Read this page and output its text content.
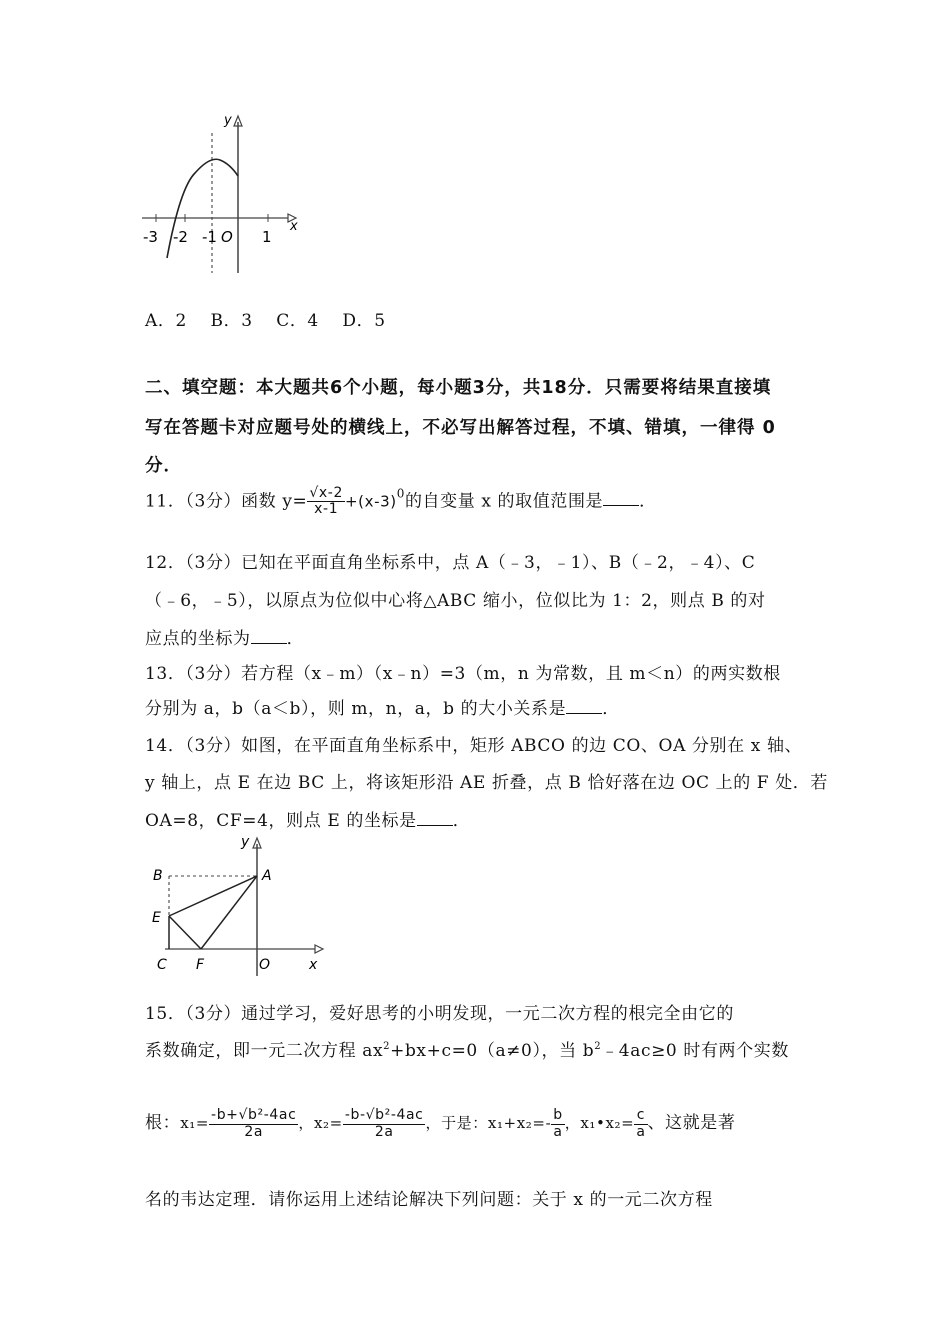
y
x
-3 -2 -1 O 1
A．2　 B．3　 C．4　 D．5
二、填空题：本大题共6个小题，每小题3分，共18分．只需要将结果直接填
写在答题卡对应题号处的横线上，不必写出解答过程，不填、错填，一律得 0
分．
11．（3分）函数 $y= \frac{√x-2}{x-1} +(x-3)^0$的自变量 x 的取值范围是 ．
12．（3分）已知在平面直角坐标系中，点 A（﹣3，﹣1）、B（﹣2，﹣4）、C
（﹣6，﹣5），以原点为位似中心将△ABC 缩小，位似比为 1：2，则点 B 的对
应点的坐标为 ．
13．（3分）若方程（x﹣m）（x﹣n）=3（m，n 为常数，且 m＜n）的两实数根
分别为 a，b（a＜b），则 m，n，a，b 的大小关系是 ．
14．（3分）如图，在平面直角坐标系中，矩形 ABCO 的边 CO、OA 分别在 x 轴、
y 轴上，点 E 在边 BC 上，将该矩形沿 AE 折叠，点 B 恰好落在边 OC 上的 F 处．若
OA=8，CF=4，则点 E 的坐标是 ．
y
B	A
E
C F	O	x
15．（3分）通过学习，爱好思考的小明发现，一元二次方程的根完全由它的
系数确定，即一元二次方程 $ax^2+bx+c=0(a\ne 0)$，当 $b^2﹣4ac\ge 0$ 时有两个实数
根：$x_1= \frac{\text{-b+√b²-4ac}}{2a}$ ，$x_2= \frac{\text{-b-√b²-4ac}}{2a}$ ，于是：$x_1+x_2=- \frac{b}{a}$ ，x₁•x₂= $\frac{c}{a}$ 、这就是著
名的韦达定理．请你运用上述结论解决下列问题：关于 x 的一元二次方程
